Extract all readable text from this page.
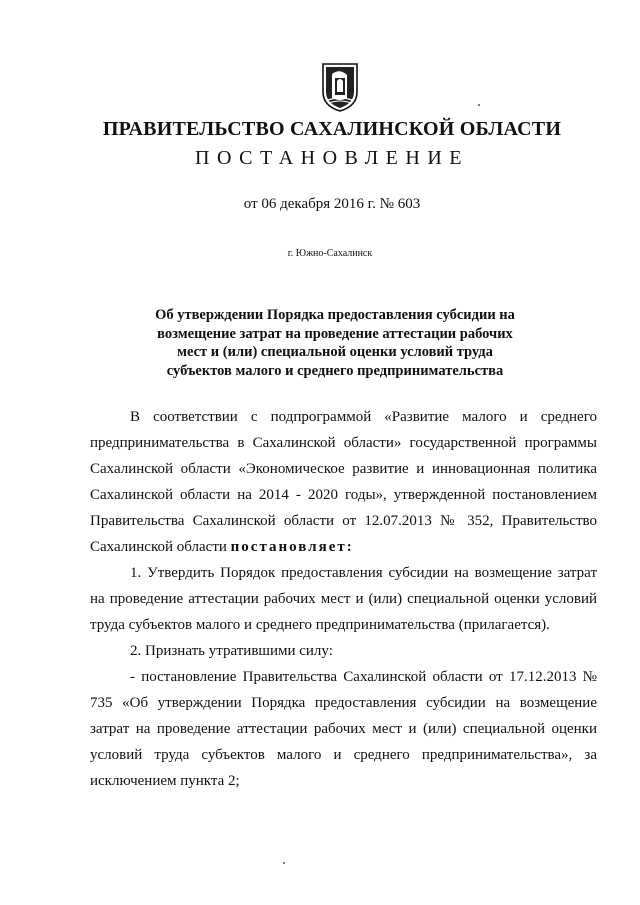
ПРАВИТЕЛЬСТВО САХАЛИНСКОЙ ОБЛАСТИ
ПОСТАНОВЛЕНИЕ
от 06 декабря 2016 г. № 603
г. Южно-Сахалинск
Об утверждении Порядка предоставления субсидии на
возмещение затрат на проведение аттестации рабочих
мест и (или) специальной оценки условий труда
субъектов малого и среднего предпринимательства

В соответствии с подпрограммой «Развитие малого и среднего предпринимательства в Сахалинской области» государственной программы Сахалинской области «Экономическое развитие и инновационная политика Сахалинской области на 2014 - 2020 годы», утвержденной постановлением Правительства Сахалинской области от 12.07.2013 № 352, Правительство Сахалинской области постановляет:

1. Утвердить Порядок предоставления субсидии на возмещение затрат на проведение аттестации рабочих мест и (или) специальной оценки условий труда субъектов малого и среднего предпринимательства (прилагается).

2. Признать утратившими силу:

- постановление Правительства Сахалинской области от 17.12.2013 № 735 «Об утверждении Порядка предоставления субсидии на возмещение затрат на проведение аттестации рабочих мест и (или) специальной оценки условий труда субъектов малого и среднего предпринимательства», за исключением пункта 2;
